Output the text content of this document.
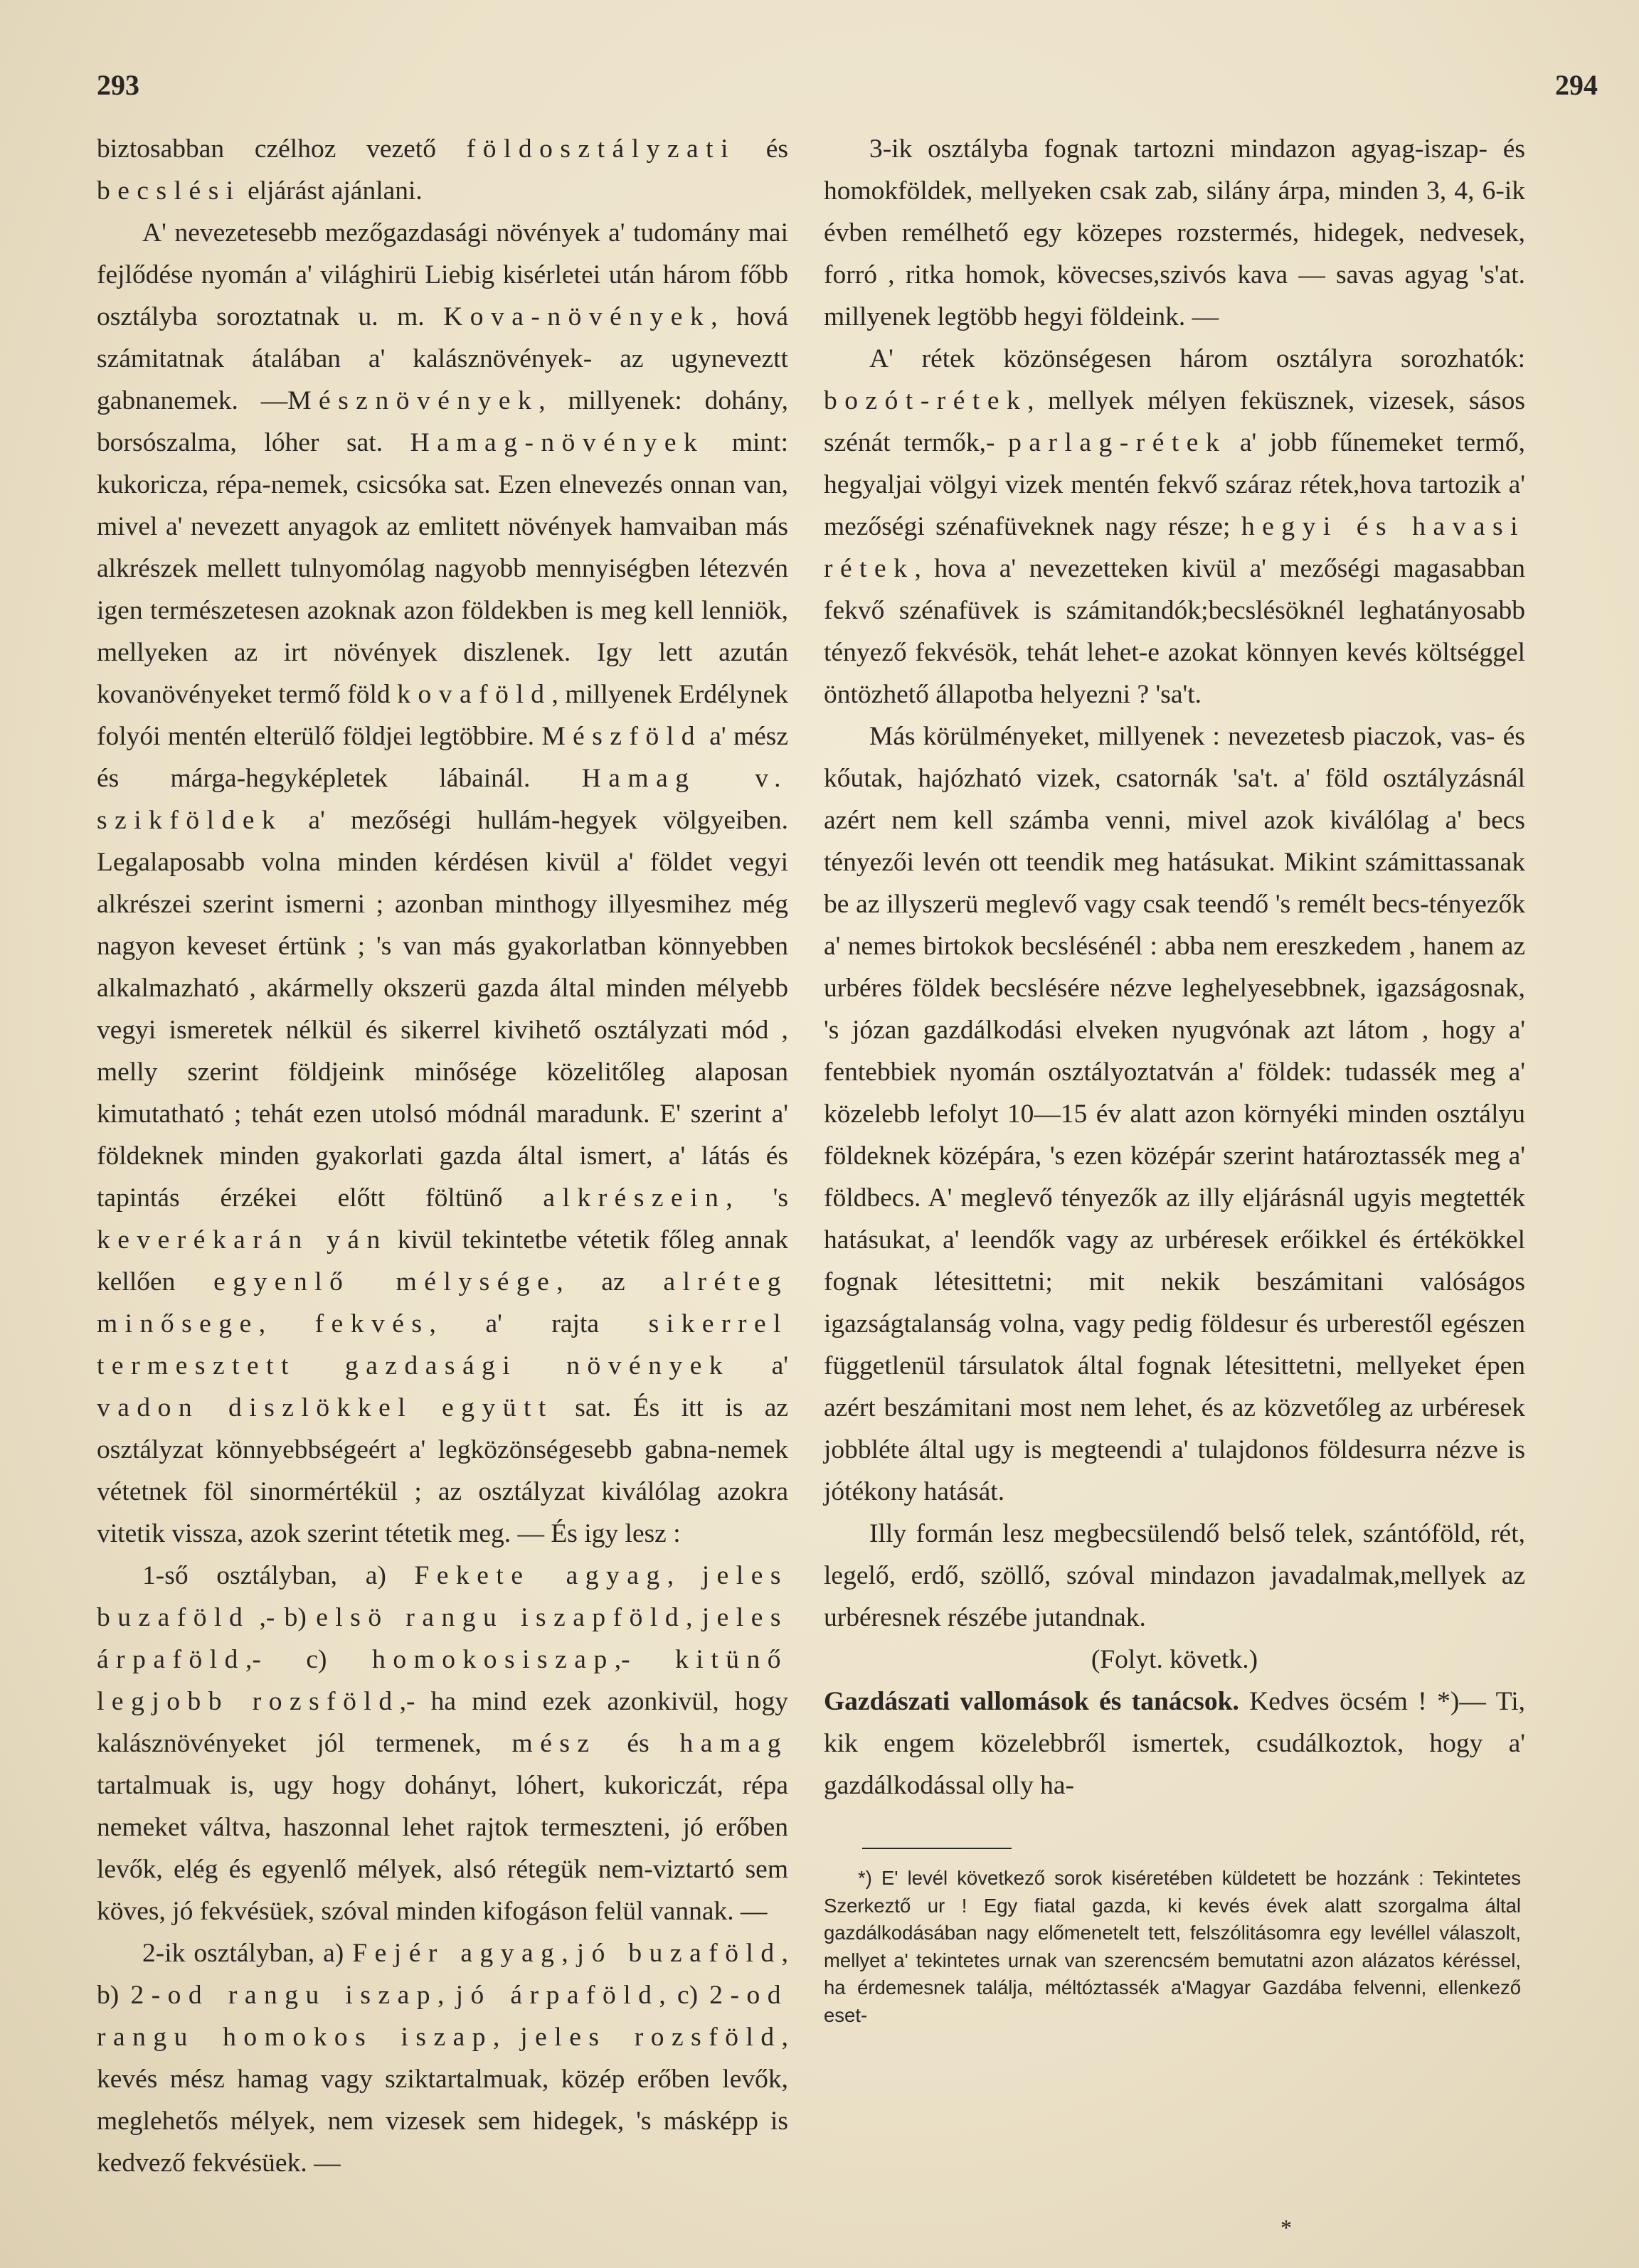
293	294

biztosabban czélhoz vezető földosztályzati és becslési eljárást ajánlani.

A' nevezetesebb mezőgazdasági növények a' tudomány mai fejlődése nyomán a' világhirü Liebig kisérletei után három főbb osztályba soroztatnak u. m. Kova-növények, hová számitatnak átalában a' kalásznövények- az ugyneveztt gabnanemek. —Mésznövények, millyenek: dohány, borsószalma, lóher sat. Hamag-növények mint: kukoricza, répa-nemek, csicsóka sat. Ezen elnevezés onnan van, mivel a' nevezett anyagok az emlitett növények hamvaiban más alkrészek mellett tulnyomólag nagyobb mennyiségben létezvén igen természetesen azoknak azon földekben is meg kell lenniök, mellyeken az irt növények diszlenek. Igy lett azután kovanövényeket termő föld kovaföld, millyenek Erdélynek folyói mentén elterülő földjei legtöbbire. Mészföld a' mész és márga-hegyképletek lábainál. Hamag v. szikföldek a' mezőségi hullám-hegyek völgyeiben. Legalaposabb volna minden kérdésen kivül a' földet vegyi alkrészei szerint ismerni ; azonban minthogy illyesmihez még nagyon keveset értünk ; 's van más gyakorlatban könnyebben alkalmazható , akármelly okszerü gazda által minden mélyebb vegyi ismeretek nélkül és sikerrel kivihető osztályzati mód , melly szerint földjeink minősége közelitőleg alaposan kimutatható ; tehát ezen utolsó módnál maradunk. E' szerint a' földeknek minden gyakorlati gazda által ismert, a' látás és tapintás érzékei előtt föltünő alkrészein, 's keverékarán yán kivül tekintetbe vétetik főleg annak kellően egyenlő mélysége, az alréteg minősege, fekvés, a' rajta sikerrel termesztett gazdasági növények a' vadon diszlökkel együtt sat. És itt is az osztályzat könnyebbségeért a' legközönségesebb gabna-nemek vétetnek föl sinormértékül ; az osztályzat kiválólag azokra vitetik vissza, azok szerint tétetik meg. — És igy lesz :

1-ső osztályban, a) Fekete agyag, jeles buzaföld ,- b) elsö rangu iszapföld, jeles árpaföld,- c) homokosiszap,- kitünő legjobb rozsföld,- ha mind ezek azonkivül, hogy kalásznövényeket jól termenek, mész és hamag tartalmuak is, ugy hogy dohányt, lóhert, kukoriczát, répa nemeket váltva, haszonnal lehet rajtok termeszteni, jó erőben levők, elég és egyenlő mélyek, alsó rétegük nem-viztartó sem köves, jó fekvésüek, szóval minden kifogáson felül vannak. —

2-ik osztályban, a) Fejér agyag, jó buzaföld, b) 2-od rangu iszap, jó árpaföld, c) 2-od rangu homokos iszap, jeles rozsföld, kevés mész hamag vagy sziktartalmuak, közép erőben levők, meglehetős mélyek, nem vizesek sem hidegek, 's másképp is kedvező fekvésüek. —

3-ik osztályba fognak tartozni mindazon agyag-iszap- és homokföldek, mellyeken csak zab, silány árpa, minden 3, 4, 6-ik évben remélhető egy közepes rozstermés, hidegek, nedvesek, forró , ritka homok, kövecses,szivós kava — savas agyag 's'at. millyenek legtöbb hegyi földeink. —

A' rétek közönségesen három osztályra sorozhatók: bozót-rétek, mellyek mélyen feküsznek, vizesek, sásos szénát termők,- parlag-rétek a' jobb fűnemeket termő, hegyaljai völgyi vizek mentén fekvő száraz rétek,hova tartozik a' mezőségi szénafüveknek nagy része; hegyi és havasi rétek, hova a' nevezetteken kivül a' mezőségi magasabban fekvő szénafüvek is számitandók;becslésöknél leghatányosabb tényező fekvésök, tehát lehet-e azokat könnyen kevés költséggel öntözhető állapotba helyezni ? 'sa't.

Más körülményeket, millyenek : nevezetesb piaczok, vas- és kőutak, hajózható vizek, csatornák 'sa't. a' föld osztályzásnál azért nem kell számba venni, mivel azok kiválólag a' becs tényezői levén ott teendik meg hatásukat. Mikint számittassanak be az illyszerü meglevő vagy csak teendő 's remélt becs-tényezők a' nemes birtokok becslésénél : abba nem ereszkedem , hanem az urbéres földek becslésére nézve leghelyesebbnek, igazságosnak, 's józan gazdálkodási elveken nyugvónak azt látom , hogy a' fentebbiek nyomán osztályoztatván a' földek: tudassék meg a' közelebb lefolyt 10—15 év alatt azon környéki minden osztályu földeknek középára, 's ezen középár szerint határoztassék meg a' földbecs. A' meglevő tényezők az illy eljárásnál ugyis megtették hatásukat, a' leendők vagy az urbéresek erőikkel és értékökkel fognak létesittetni; mit nekik beszámitani valóságos igazságtalanság volna, vagy pedig földesur és urberestől egészen függetlenül társulatok által fognak létesittetni, mellyeket épen azért beszámitani most nem lehet, és az közvetőleg az urbéresek jobbléte által ugy is megteendi a' tulajdonos földesurra nézve is jótékony hatását.

Illy formán lesz megbecsülendő belső telek, szántóföld, rét, legelő, erdő, szöllő, szóval mindazon javadalmak,mellyek az urbéresnek részébe jutandnak.

(Folyt. követk.)

Gazdászati vallomások és tanácsok. Kedves öcsém ! *)— Ti, kik engem közelebbről ismertek, csudálkoztok, hogy a' gazdálkodással olly ha-

*) E' levél következő sorok kiséretében küldetett be hozzánk : Tekintetes Szerkeztő ur ! Egy fiatal gazda, ki kevés évek alatt szorgalma által gazdálkodásában nagy előmenetelt tett, felszólitásomra egy levéllel válaszolt, mellyet a' tekintetes urnak van szerencsém bemutatni azon alázatos kéréssel, ha érdemesnek találja, méltóztassék a'Magyar Gazdába felvenni, ellenkező eset-

*
